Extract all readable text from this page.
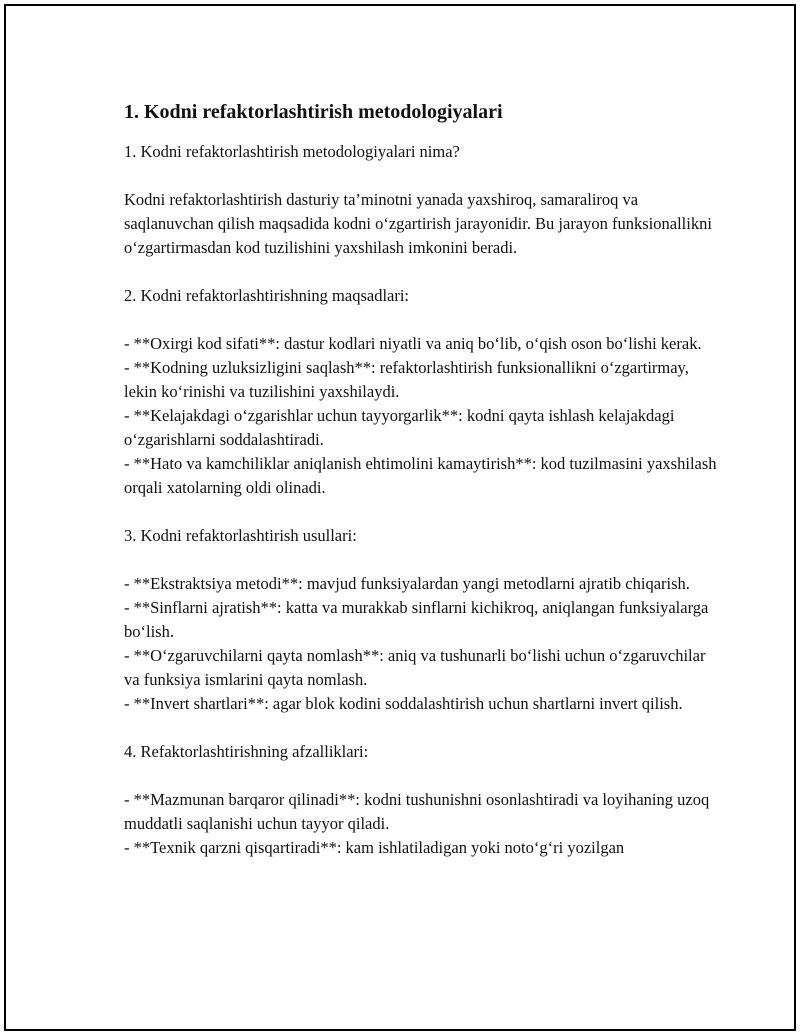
1. Kodni refaktorlashtirish metodologiyalari

1. Kodni refaktorlashtirish metodologiyalari nima?

Kodni refaktorlashtirish dasturiy ta’minotni yanada yaxshiroq, samaraliroq va saqlanuvchan qilish maqsadida kodni o‘zgartirish jarayonidir. Bu jarayon funksionallikni o‘zgartirmasdan kod tuzilishini yaxshilash imkonini beradi.

2. Kodni refaktorlashtirishning maqsadlari:

- **Oxirgi kod sifati**: dastur kodlari niyatli va aniq bo‘lib, o‘qish oson bo‘lishi kerak.
- **Kodning uzluksizligini saqlash**: refaktorlashtirish funksionallikni o‘zgartirmay, lekin ko‘rinishi va tuzilishini yaxshilaydi.
- **Kelajakdagi o‘zgarishlar uchun tayyorgarlik**: kodni qayta ishlash kelajakdagi o‘zgarishlarni soddalashtiradi.
- **Hato va kamchiliklar aniqlanish ehtimolini kamaytirish**: kod tuzilmasini yaxshilash orqali xatolarning oldi olinadi.

3. Kodni refaktorlashtirish usullari:

- **Ekstraktsiya metodi**: mavjud funksiyalardan yangi metodlarni ajratib chiqarish.
- **Sinflarni ajratish**: katta va murakkab sinflarni kichikroq, aniqlangan funksiyalarga bo‘lish.
- **O‘zgaruvchilarni qayta nomlash**: aniq va tushunarli bo‘lishi uchun o‘zgaruvchilar va funksiya ismlarini qayta nomlash.
- **Invert shartlari**: agar blok kodini soddalashtirish uchun shartlarni invert qilish.

4. Refaktorlashtirishning afzalliklari:

- **Mazmunan barqaror qilinadi**: kodni tushunishni osonlashtiradi va loyihaning uzoq muddatli saqlanishi uchun tayyor qiladi.
- **Texnik qarzni qisqartiradi**: kam ishlatiladigan yoki noto‘g‘ri yozilgan
